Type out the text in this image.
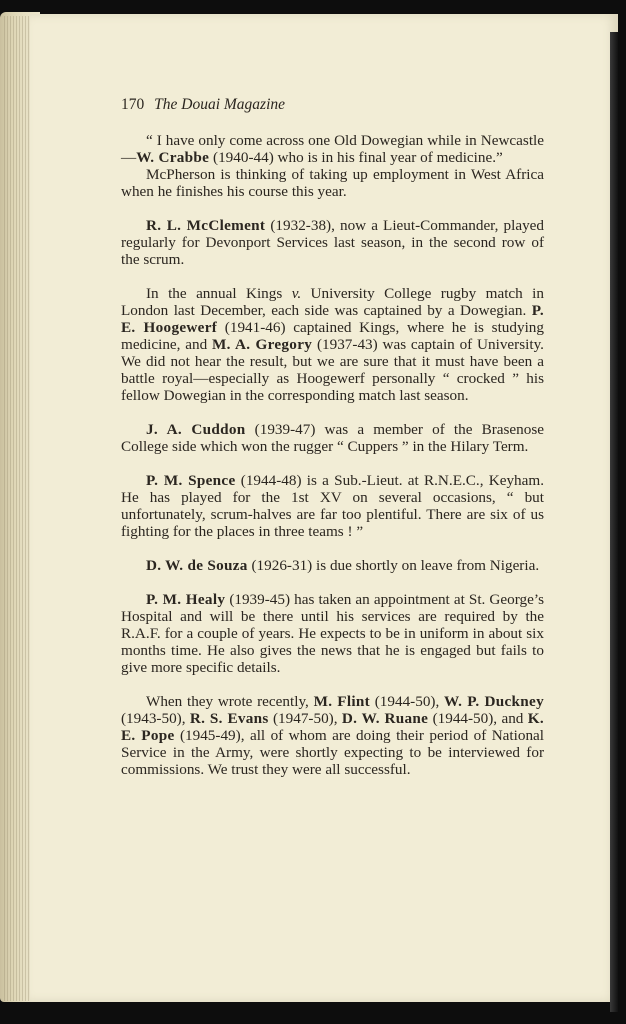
170 The Douai Magazine

“ I have only come across one Old Dowegian while in Newcastle—W. Crabbe (1940-44) who is in his final year of medicine.”

McPherson is thinking of taking up employment in West Africa when he finishes his course this year.

R. L. McClement (1932-38), now a Lieut-Commander, played regularly for Devonport Services last season, in the second row of the scrum.

In the annual Kings v. University College rugby match in London last December, each side was captained by a Dowegian. P. E. Hoogewerf (1941-46) captained Kings, where he is studying medicine, and M. A. Gregory (1937-43) was captain of University. We did not hear the result, but we are sure that it must have been a battle royal—especially as Hoogewerf personally “ crocked ” his fellow Dowegian in the corresponding match last season.

J. A. Cuddon (1939-47) was a member of the Brasenose College side which won the rugger “ Cuppers ” in the Hilary Term.

P. M. Spence (1944-48) is a Sub.-Lieut. at R.N.E.C., Keyham. He has played for the 1st XV on several occasions, “ but unfortunately, scrum-halves are far too plentiful. There are six of us fighting for the places in three teams ! ”

D. W. de Souza (1926-31) is due shortly on leave from Nigeria.

P. M. Healy (1939-45) has taken an appointment at St. George’s Hospital and will be there until his services are required by the R.A.F. for a couple of years. He expects to be in uniform in about six months time. He also gives the news that he is engaged but fails to give more specific details.

When they wrote recently, M. Flint (1944-50), W. P. Duckney (1943-50), R. S. Evans (1947-50), D. W. Ruane (1944-50), and K. E. Pope (1945-49), all of whom are doing their period of National Service in the Army, were shortly expecting to be interviewed for commissions. We trust they were all successful.
